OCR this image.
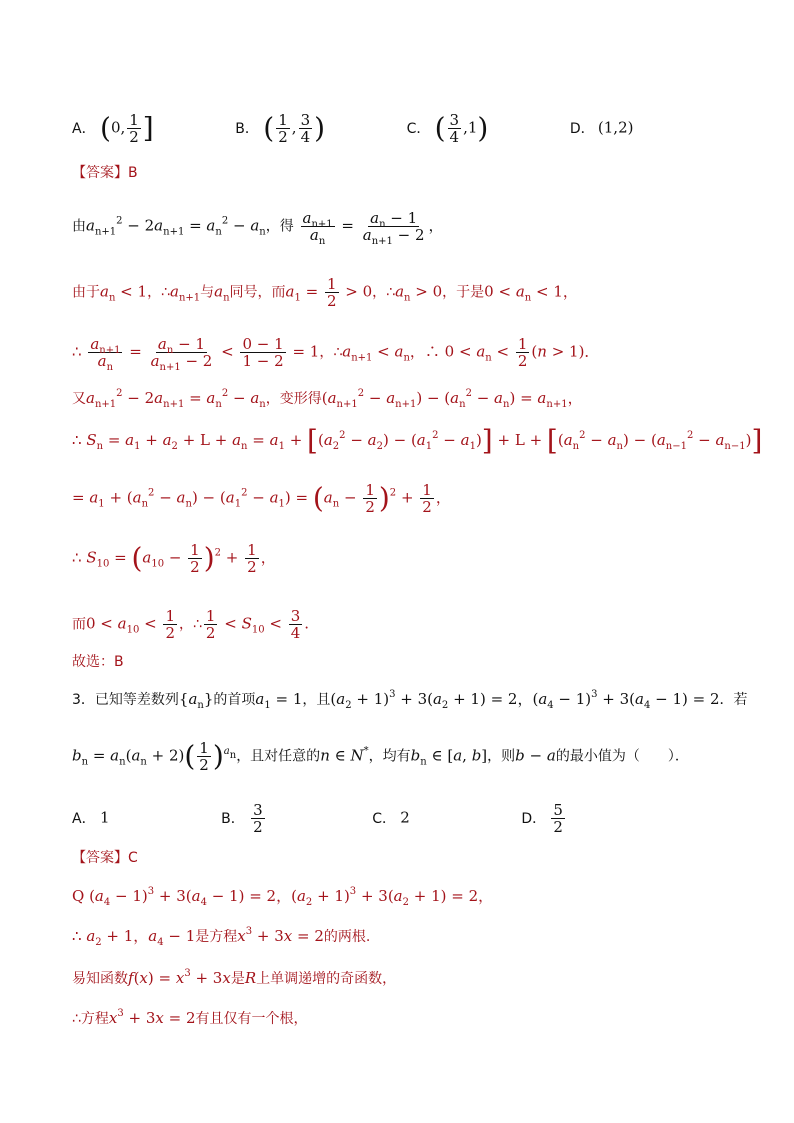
A． (0, $\frac{1}{2}$ ]	B． ( $\frac{1}{2}$ , $\frac{3}{4}$ )	C． ( $\frac{3}{4} ,1$)	D． (1,2)
【答案】B
由$a_{n+1}^2 - 2a_{n+1} = a_n^2 - a_n$，得 $\frac{a_{n+1}}{a_n} = \frac{a_n - 1}{a_{n+1} - 2}$ ，
由于$a_n < 1$，$\therefore a_{n+1}$与$a_n$同号，而$a_1 = \frac{1}{2} > 0$，$\therefore a_n > 0$，于是$0 < a_n < 1$，
∴ $\frac{a_{n+1}}{a_n} = \frac{a_n - 1}{a_{n+1} - 2} < \frac{0 - 1}{1 - 2} = 1$，$\therefore a_{n+1} < a_n$，∴ $0 < a_n < \frac{1}{2} (n > 1)$．
又$a_{n+1}^2 - 2a_{n+1} = a_n^2 - a_n$，变形得$(a_{n+1}^2 - a_{n+1}) - (a_n^2 - a_n) = a_{n+1}$，
∴ $S_n = a_1 + a_2 + L + a_n = a_1 + [(a_2^2 - a_2) - (a_1^2 - a_1)] + L + [(a_n^2 - a_n) - (a_{n-1}^2 - a_{n-1})]$
= $a_1 + (a_n^2 - a_n) - (a_1^2 - a_1) = (a_n - \frac{1}{2} )^2 + \frac{1}{2}$ ，
∴ $S_{10} = (a_{10} - \frac{1}{2} )^2 + \frac{1}{2}$ ，
而$0 < a_{10} < \frac{1}{2}$ ，∴ $\frac{1}{2} < S_{10} < \frac{3}{4}$ .
故选：B
3．已知等差数列$\{a_n\}$的首项$a_1 = 1$，且$(a_2 + 1)^3 + 3(a_2 + 1) = 2$，$(a_4 - 1)^3 + 3(a_4 - 1) = 2$．若
$b_n = a_n(a_n + 2)( \frac{1}{2} )^{a_n}$，且对任意的n ∈ N*，均有$b_n$ ∈ [a, b]，则b − a的最小值为（　　）．
A． 1	B． $\frac{3}{2}$	C． 2	D． $\frac{5}{2}$
【答案】C
Q $(a_4 - 1)^3 + 3(a_4 - 1) = 2$，$(a_2 + 1)^3 + 3(a_2 + 1) = 2$，
∴ $a_2 + 1$，$a_4 - 1$是方程$x^3 + 3x = 2$的两根.
易知函数$f(x) = x^3 + 3x$是R上单调递增的奇函数，
∴方程$x^3 + 3x = 2$有且仅有一个根，
